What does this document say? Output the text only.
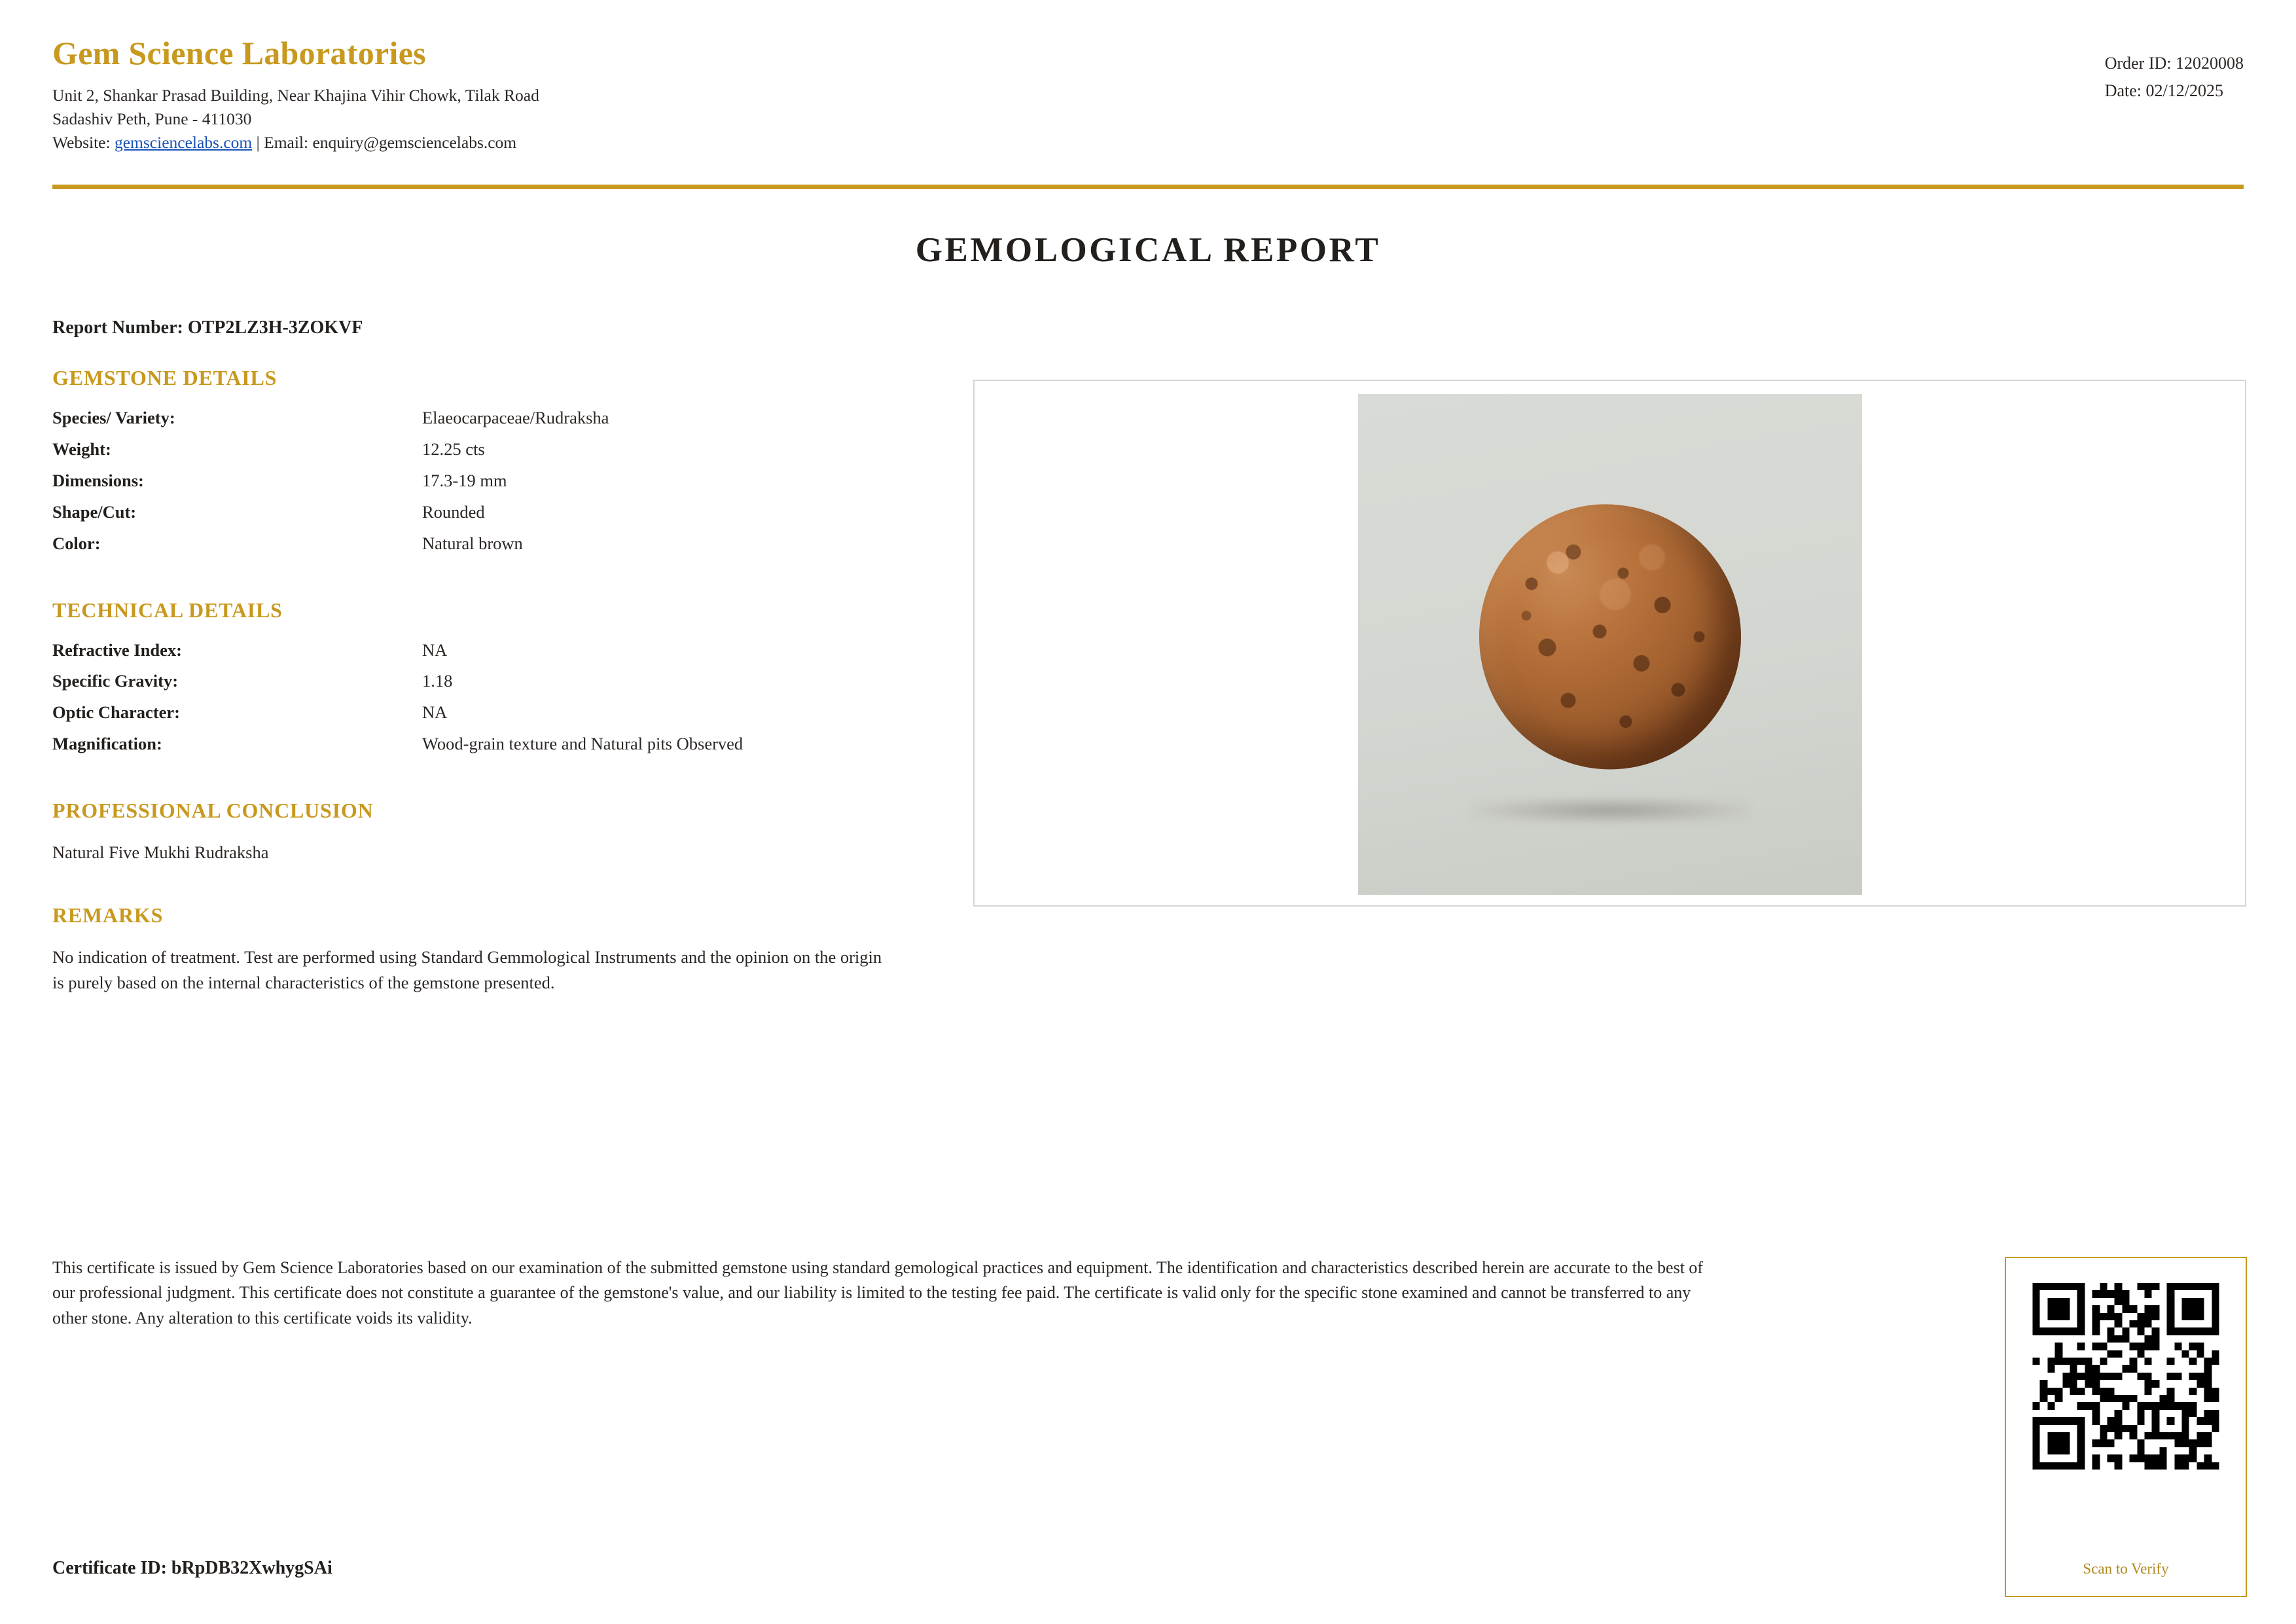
Gem Science Laboratories
Unit 2, Shankar Prasad Building, Near Khajina Vihir Chowk, Tilak Road
Sadashiv Peth, Pune - 411030
Website: gemsciencelabs.com | Email: enquiry@gemsciencelabs.com
Order ID: 12020008
Date: 02/12/2025
GEMOLOGICAL REPORT
Report Number: OTP2LZ3H-3ZOKVF
GEMSTONE DETAILS
Species/ Variety:	Elaeocarpaceae/Rudraksha
Weight:	12.25 cts
Dimensions:	17.3-19 mm
Shape/Cut:	Rounded
Color:	Natural brown
TECHNICAL DETAILS
Refractive Index:	NA
Specific Gravity:	1.18
Optic Character:	NA
Magnification:	Wood-grain texture and Natural pits Observed
PROFESSIONAL CONCLUSION
Natural Five Mukhi Rudraksha
REMARKS
No indication of treatment. Test are performed using Standard Gemmological Instruments and the opinion on the origin is purely based on the internal characteristics of the gemstone presented.
This certificate is issued by Gem Science Laboratories based on our examination of the submitted gemstone using standard gemological practices and equipment. The identification and characteristics described herein are accurate to the best of our professional judgment. This certificate does not constitute a guarantee of the gemstone's value, and our liability is limited to the testing fee paid. The certificate is valid only for the specific stone examined and cannot be transferred to any other stone. Any alteration to this certificate voids its validity.
Scan to Verify
Certificate ID: bRpDB32XwhygSAi
